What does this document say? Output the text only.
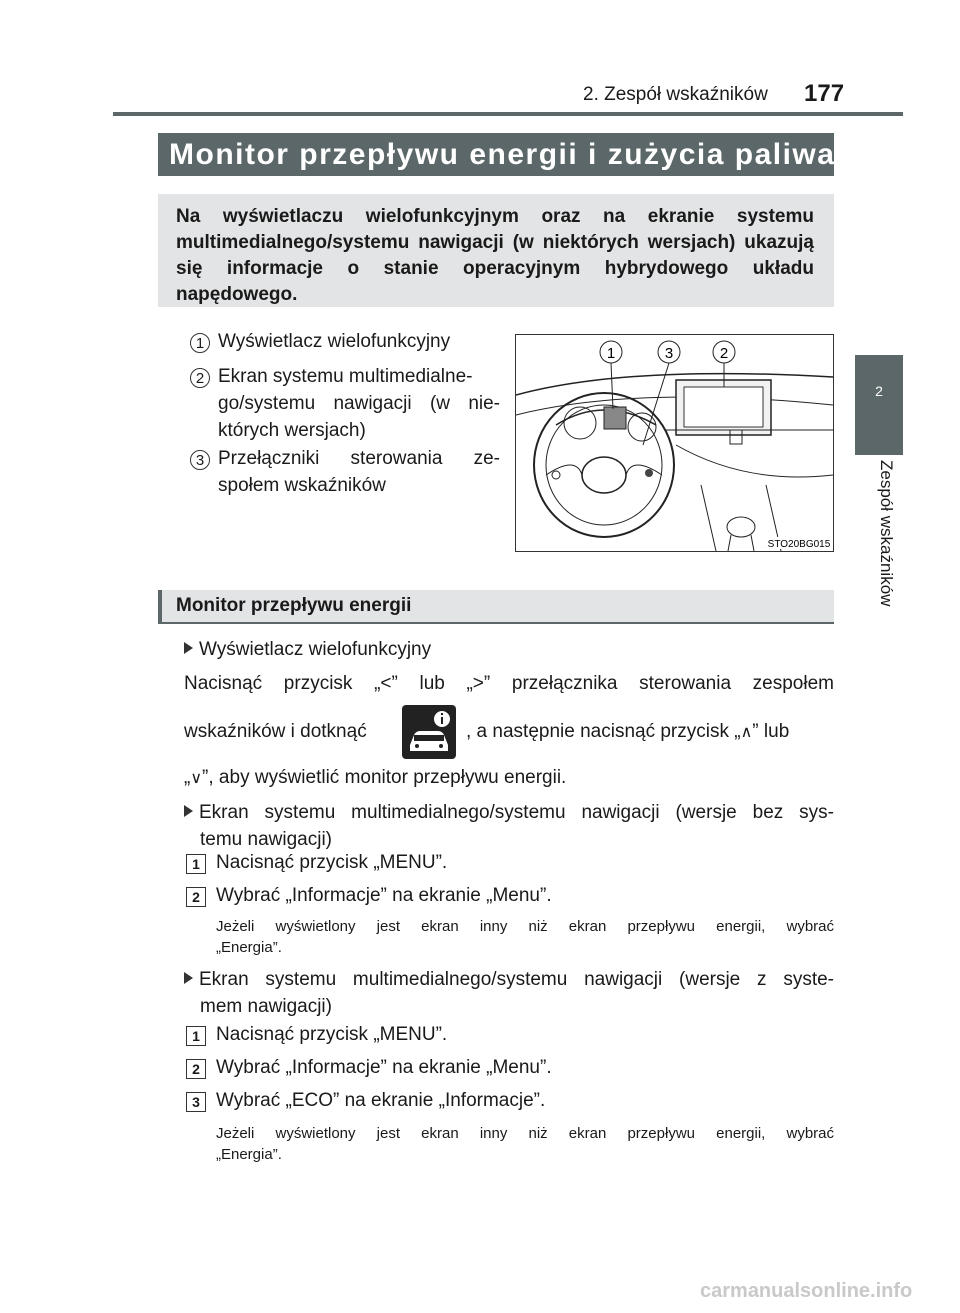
2. Zespół wskaźników 177
2
Zespół wskaźników
Monitor przepływu energii i zużycia paliwa
Na wyświetlaczu wielofunkcyjnym oraz na ekranie systemu multimedialnego/systemu nawigacji (w niektórych wersjach) ukazują się informacje o stanie operacyjnym hybrydowego układu napędowego.
1 Wyświetlacz wielofunkcyjny
2 Ekran systemu multimedialne-
go/systemu nawigacji (w nie-
których wersjach)
3 Przełączniki sterowania ze-
społem wskaźników
1	3	2
STO20BG015
Monitor przepływu energii
Wyświetlacz wielofunkcyjny
Nacisnąć przycisk „<” lub „>” przełącznika sterowania zespołem
wskaźników i dotknąć	, a następnie nacisnąć przycisk „∧” lub
„∨”, aby wyświetlić monitor przepływu energii.
Ekran systemu multimedialnego/systemu nawigacji (wersje bez sys-
temu nawigacji)
1 Nacisnąć przycisk „MENU”.
2 Wybrać „Informacje” na ekranie „Menu”.
Jeżeli wyświetlony jest ekran inny niż ekran przepływu energii, wybrać
„Energia”.
Ekran systemu multimedialnego/systemu nawigacji (wersje z syste-
mem nawigacji)
1 Nacisnąć przycisk „MENU”.
2 Wybrać „Informacje” na ekranie „Menu”.
3 Wybrać „ECO” na ekranie „Informacje”.
Jeżeli wyświetlony jest ekran inny niż ekran przepływu energii, wybrać
„Energia”.
carmanualsonline.info
